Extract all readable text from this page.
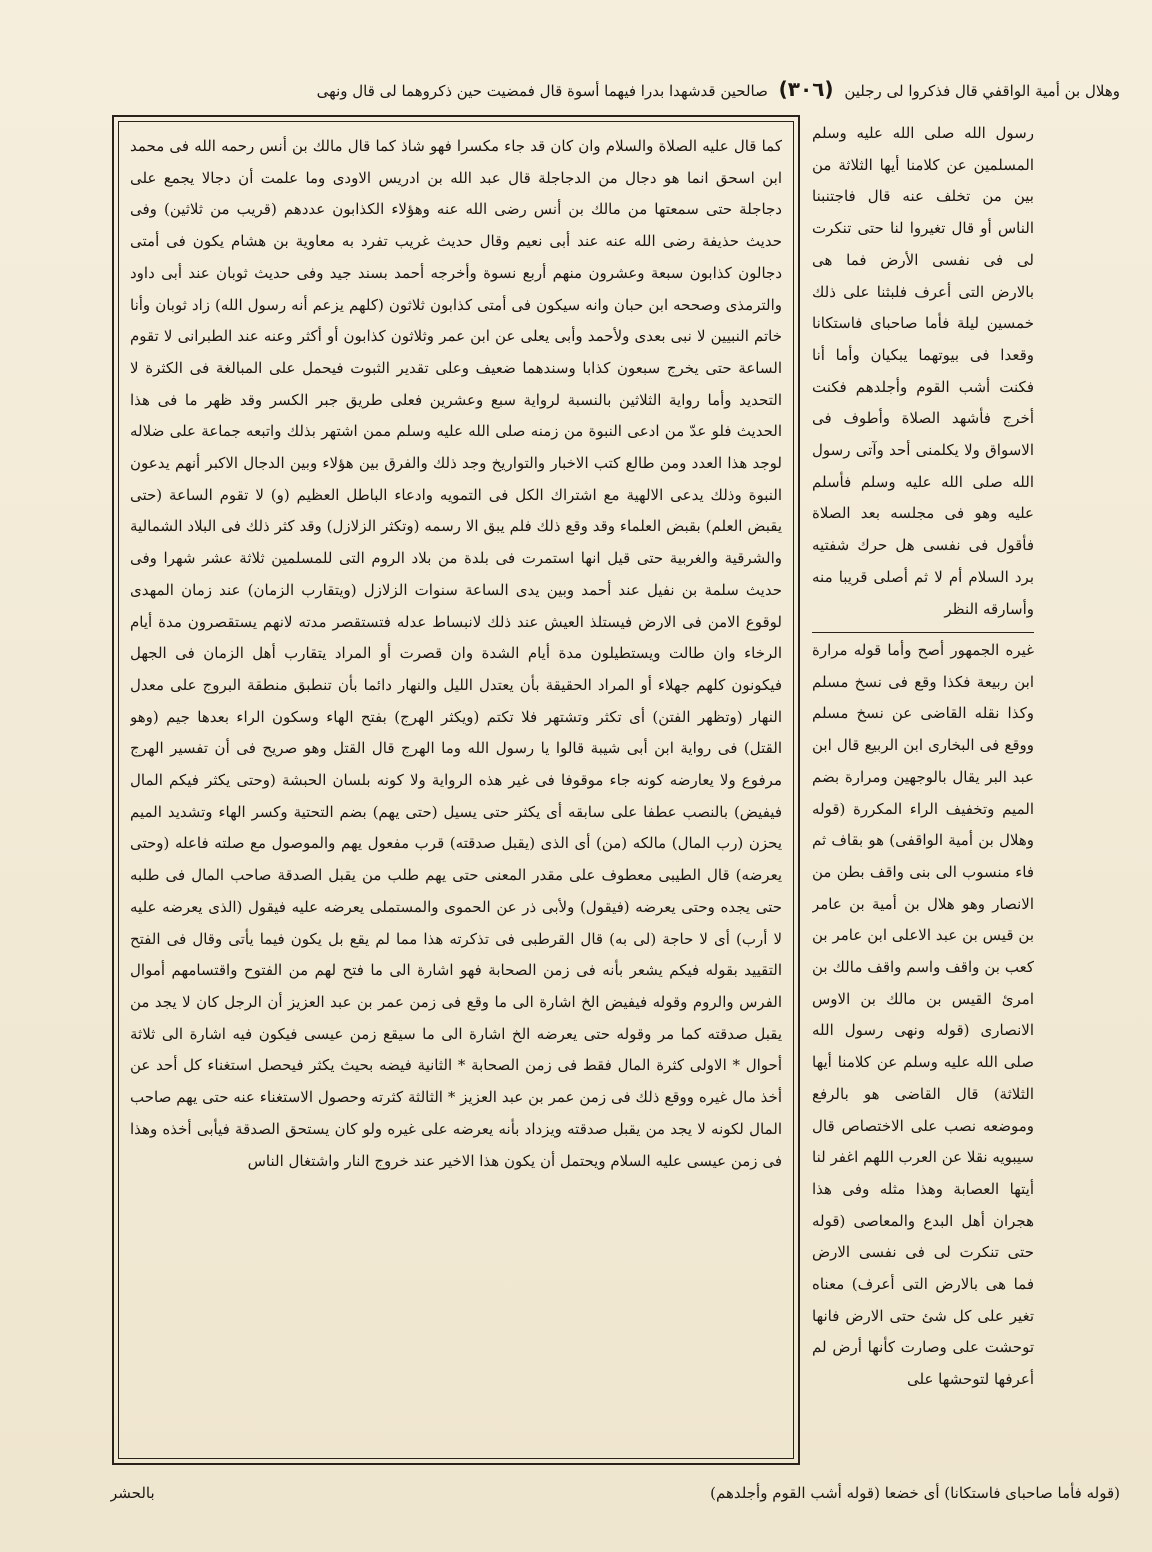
وهلال بن أمية الواقفي قال فذكروا لى رجلين (٣٠٦) صالحين قدشهدا بدرا فيهما أسوة قال فمضيت حين ذكروهما لى قال ونهى

كما قال عليه الصلاة والسلام وان كان قد جاء مكسرا فهو شاذ كما قال مالك بن أنس رحمه الله فى محمد ابن اسحق انما هو دجال من الدجاجلة قال عبد الله بن ادريس الاودى وما علمت أن دجالا يجمع على دجاجلة حتى سمعتها من مالك بن أنس رضى الله عنه وهؤلاء الكذابون عددهم (قريب من ثلاثين) وفى حديث حذيفة رضى الله عنه عند أبى نعيم وقال حديث غريب تفرد به معاوية بن هشام يكون فى أمتى دجالون كذابون سبعة وعشرون منهم أربع نسوة وأخرجه أحمد بسند جيد وفى حديث ثوبان عند أبى داود والترمذى وصححه ابن حبان وانه سيكون فى أمتى كذابون ثلاثون (كلهم يزعم أنه رسول الله) زاد ثوبان وأنا خاتم النبيين لا نبى بعدى ولأحمد وأبى يعلى عن ابن عمر وثلاثون كذابون أو أكثر وعنه عند الطبرانى لا تقوم الساعة حتى يخرج سبعون كذابا وسندهما ضعيف وعلى تقدير الثبوت فيحمل على المبالغة فى الكثرة لا التحديد وأما رواية الثلاثين بالنسبة لرواية سبع وعشرين فعلى طريق جبر الكسر وقد ظهر ما فى هذا الحديث فلو عدّ من ادعى النبوة من زمنه صلى الله عليه وسلم ممن اشتهر بذلك واتبعه جماعة على ضلاله لوجد هذا العدد ومن طالع كتب الاخبار والتواريخ وجد ذلك والفرق بين هؤلاء وبين الدجال الاكبر أنهم يدعون النبوة وذلك يدعى الالهية مع اشتراك الكل فى التمويه وادعاء الباطل العظيم (و) لا تقوم الساعة (حتى يقبض العلم) بقبض العلماء وقد وقع ذلك فلم يبق الا رسمه (وتكثر الزلازل) وقد كثر ذلك فى البلاد الشمالية والشرقية والغربية حتى قيل انها استمرت فى بلدة من بلاد الروم التى للمسلمين ثلاثة عشر شهرا وفى حديث سلمة بن نفيل عند أحمد وبين يدى الساعة سنوات الزلازل (ويتقارب الزمان) عند زمان المهدى لوقوع الامن فى الارض فيستلذ العيش عند ذلك لانبساط عدله فتستقصر مدته لانهم يستقصرون مدة أيام الرخاء وان طالت ويستطيلون مدة أيام الشدة وان قصرت أو المراد يتقارب أهل الزمان فى الجهل فيكونون كلهم جهلاء أو المراد الحقيقة بأن يعتدل الليل والنهار دائما بأن تنطبق منطقة البروج على معدل النهار (وتظهر الفتن) أى تكثر وتشتهر فلا تكتم (ويكثر الهرج) بفتح الهاء وسكون الراء بعدها جيم (وهو القتل) فى رواية ابن أبى شيبة قالوا يا رسول الله وما الهرج قال القتل وهو صريح فى أن تفسير الهرج مرفوع ولا يعارضه كونه جاء موقوفا فى غير هذه الرواية ولا كونه بلسان الحبشة (وحتى يكثر فيكم المال فيفيض) بالنصب عطفا على سابقه أى يكثر حتى يسيل (حتى يهم) بضم التحتية وكسر الهاء وتشديد الميم يحزن (رب المال) مالكه (من) أى الذى (يقبل صدقته) قرب مفعول يهم والموصول مع صلته فاعله (وحتى يعرضه) قال الطيبى معطوف على مقدر المعنى حتى يهم طلب من يقبل الصدقة صاحب المال فى طلبه حتى يجده وحتى يعرضه (فيقول) ولأبى ذر عن الحموى والمستملى يعرضه عليه فيقول (الذى يعرضه عليه لا أرب) أى لا حاجة (لى به) قال القرطبى فى تذكرته هذا مما لم يقع بل يكون فيما يأتى وقال فى الفتح التقييد بقوله فيكم يشعر بأنه فى زمن الصحابة فهو اشارة الى ما فتح لهم من الفتوح واقتسامهم أموال الفرس والروم وقوله فيفيض الخ اشارة الى ما وقع فى زمن عمر بن عبد العزيز أن الرجل كان لا يجد من يقبل صدقته كما مر وقوله حتى يعرضه الخ اشارة الى ما سيقع زمن عيسى فيكون فيه اشارة الى ثلاثة أحوال * الاولى كثرة المال فقط فى زمن الصحابة * الثانية فيضه بحيث يكثر فيحصل استغناء كل أحد عن أخذ مال غيره ووقع ذلك فى زمن عمر بن عبد العزيز * الثالثة كثرته وحصول الاستغناء عنه حتى يهم صاحب المال لكونه لا يجد من يقبل صدقته ويزداد بأنه يعرضه على غيره ولو كان يستحق الصدقة فيأبى أخذه وهذا فى زمن عيسى عليه السلام ويحتمل أن يكون هذا الاخير عند خروج النار واشتغال الناس

رسول الله صلى الله عليه وسلم المسلمين عن كلامنا أيها الثلاثة من بين من تخلف عنه قال فاجتنبنا الناس أو قال تغيروا لنا حتى تنكرت لى فى نفسى الأرض فما هى بالارض التى أعرف فلبثنا على ذلك خمسين ليلة فأما صاحباى فاستكانا وقعدا فى بيوتهما يبكيان وأما أنا فكنت أشب القوم وأجلدهم فكنت أخرج فأشهد الصلاة وأطوف فى الاسواق ولا يكلمنى أحد وآتى رسول الله صلى الله عليه وسلم فأسلم عليه وهو فى مجلسه بعد الصلاة فأقول فى نفسى هل حرك شفتيه برد السلام أم لا ثم أصلى قريبا منه وأسارقه النظر

غيره الجمهور أصح وأما قوله مرارة ابن ربيعة فكذا وقع فى نسخ مسلم وكذا نقله القاضى عن نسخ مسلم ووقع فى البخارى ابن الربيع قال ابن عبد البر يقال بالوجهين ومرارة بضم الميم وتخفيف الراء المكررة (قوله وهلال بن أمية الواقفى) هو بقاف ثم فاء منسوب الى بنى واقف بطن من الانصار وهو هلال بن أمية بن عامر بن قيس بن عبد الاعلى ابن عامر بن كعب بن واقف واسم واقف مالك بن امرئ القيس بن مالك بن الاوس الانصارى (قوله ونهى رسول الله صلى الله عليه وسلم عن كلامنا أيها الثلاثة) قال القاضى هو بالرفع وموضعه نصب على الاختصاص قال سيبويه نقلا عن العرب اللهم اغفر لنا أيتها العصابة وهذا مثله وفى هذا هجران أهل البدع والمعاصى (قوله حتى تنكرت لى فى نفسى الارض فما هى بالارض التى أعرف) معناه تغير على كل شئ حتى الارض فانها توحشت على وصارت كأنها أرض لم أعرفها لتوحشها على

(قوله فأما صاحباى فاستكانا) أى خضعا (قوله أشب القوم وأجلدهم)
بالحشر
